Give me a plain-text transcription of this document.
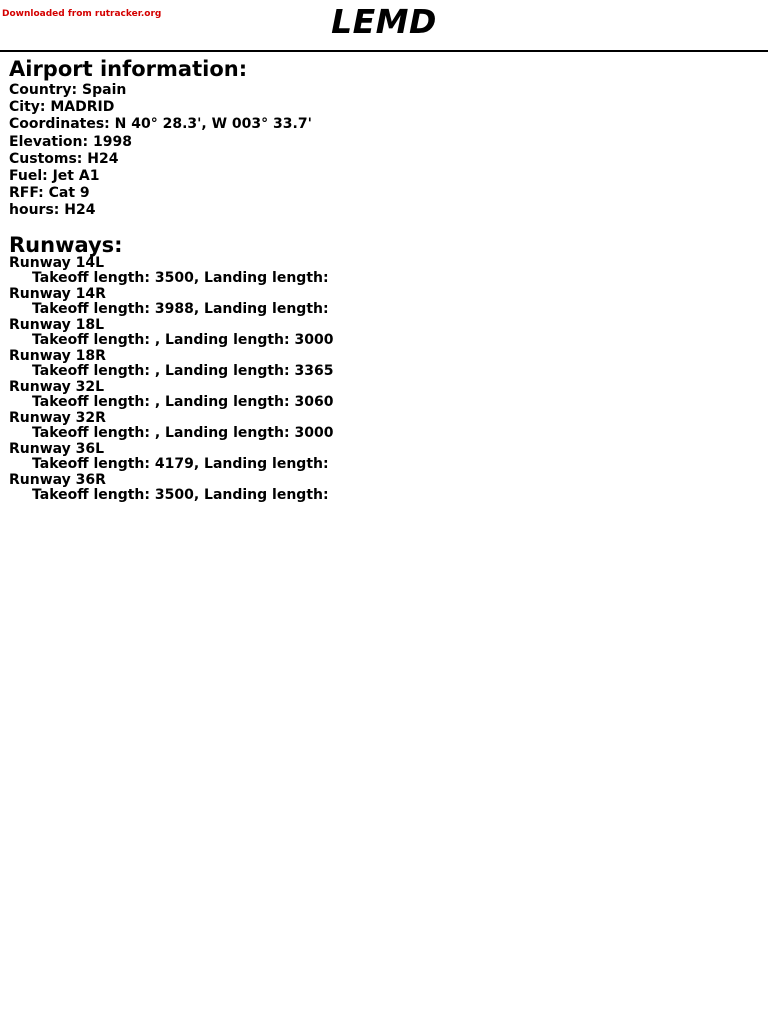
Downloaded from rutracker.org	LEMD
Airport information:
Country: Spain
City: MADRID
Coordinates: N 40° 28.3', W 003° 33.7'
Elevation: 1998
Customs: H24
Fuel: Jet A1
RFF: Cat 9
hours: H24
Runways:
Runway 14L
Takeoff length: 3500, Landing length:
Runway 14R
Takeoff length: 3988, Landing length:
Runway 18L
Takeoff length: , Landing length: 3000
Runway 18R
Takeoff length: , Landing length: 3365
Runway 32L
Takeoff length: , Landing length: 3060
Runway 32R
Takeoff length: , Landing length: 3000
Runway 36L
Takeoff length: 4179, Landing length:
Runway 36R
Takeoff length: 3500, Landing length:
